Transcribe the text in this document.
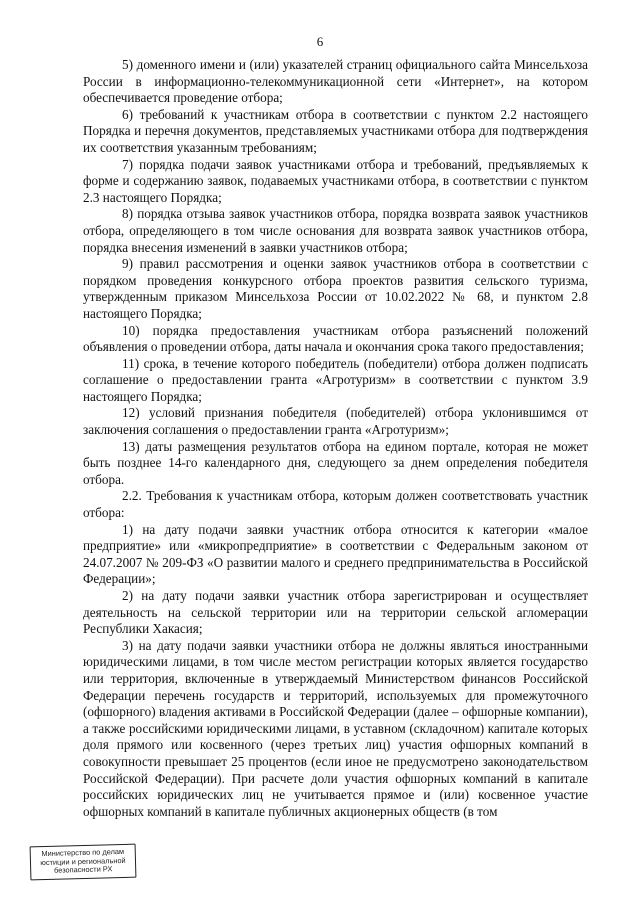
6

5) доменного имени и (или) указателей страниц официального сайта Минсельхоза России в информационно-телекоммуникационной сети «Интернет», на котором обеспечивается проведение отбора;

6) требований к участникам отбора в соответствии с пунктом 2.2 настоящего Порядка и перечня документов, представляемых участниками отбора для подтверждения их соответствия указанным требованиям;

7) порядка подачи заявок участниками отбора и требований, предъявляемых к форме и содержанию заявок, подаваемых участниками отбора, в соответствии с пунктом 2.3 настоящего Порядка;

8) порядка отзыва заявок участников отбора, порядка возврата заявок участников отбора, определяющего в том числе основания для возврата заявок участников отбора, порядка внесения изменений в заявки участников отбора;

9) правил рассмотрения и оценки заявок участников отбора в соответствии с порядком проведения конкурсного отбора проектов развития сельского туризма, утвержденным приказом Минсельхоза России от 10.02.2022 № 68, и пунктом 2.8 настоящего Порядка;

10) порядка предоставления участникам отбора разъяснений положений объявления о проведении отбора, даты начала и окончания срока такого предоставления;

11) срока, в течение которого победитель (победители) отбора должен подписать соглашение о предоставлении гранта «Агротуризм» в соответствии с пунктом 3.9 настоящего Порядка;

12) условий признания победителя (победителей) отбора уклонившимся от заключения соглашения о предоставлении гранта «Агротуризм»;

13) даты размещения результатов отбора на едином портале, которая не может быть позднее 14-го календарного дня, следующего за днем определения победителя отбора.

2.2. Требования к участникам отбора, которым должен соответствовать участник отбора:

1) на дату подачи заявки участник отбора относится к категории «малое предприятие» или «микропредприятие» в соответствии с Федеральным законом от 24.07.2007 № 209-ФЗ «О развитии малого и среднего предпринимательства в Российской Федерации»;

2) на дату подачи заявки участник отбора зарегистрирован и осуществляет деятельность на сельской территории или на территории сельской агломерации Республики Хакасия;

3) на дату подачи заявки участники отбора не должны являться иностранными юридическими лицами, в том числе местом регистрации которых является государство или территория, включенные в утверждаемый Министерством финансов Российской Федерации перечень государств и территорий, используемых для промежуточного (офшорного) владения активами в Российской Федерации (далее – офшорные компании), а также российскими юридическими лицами, в уставном (складочном) капитале которых доля прямого или косвенного (через третьих лиц) участия офшорных компаний в совокупности превышает 25 процентов (если иное не предусмотрено законодательством Российской Федерации). При расчете доли участия офшорных компаний в капитале российских юридических лиц не учитывается прямое и (или) косвенное участие офшорных компаний в капитале публичных акционерных обществ (в том

Министерство по делам
юстиции и региональной
безопасности РХ
